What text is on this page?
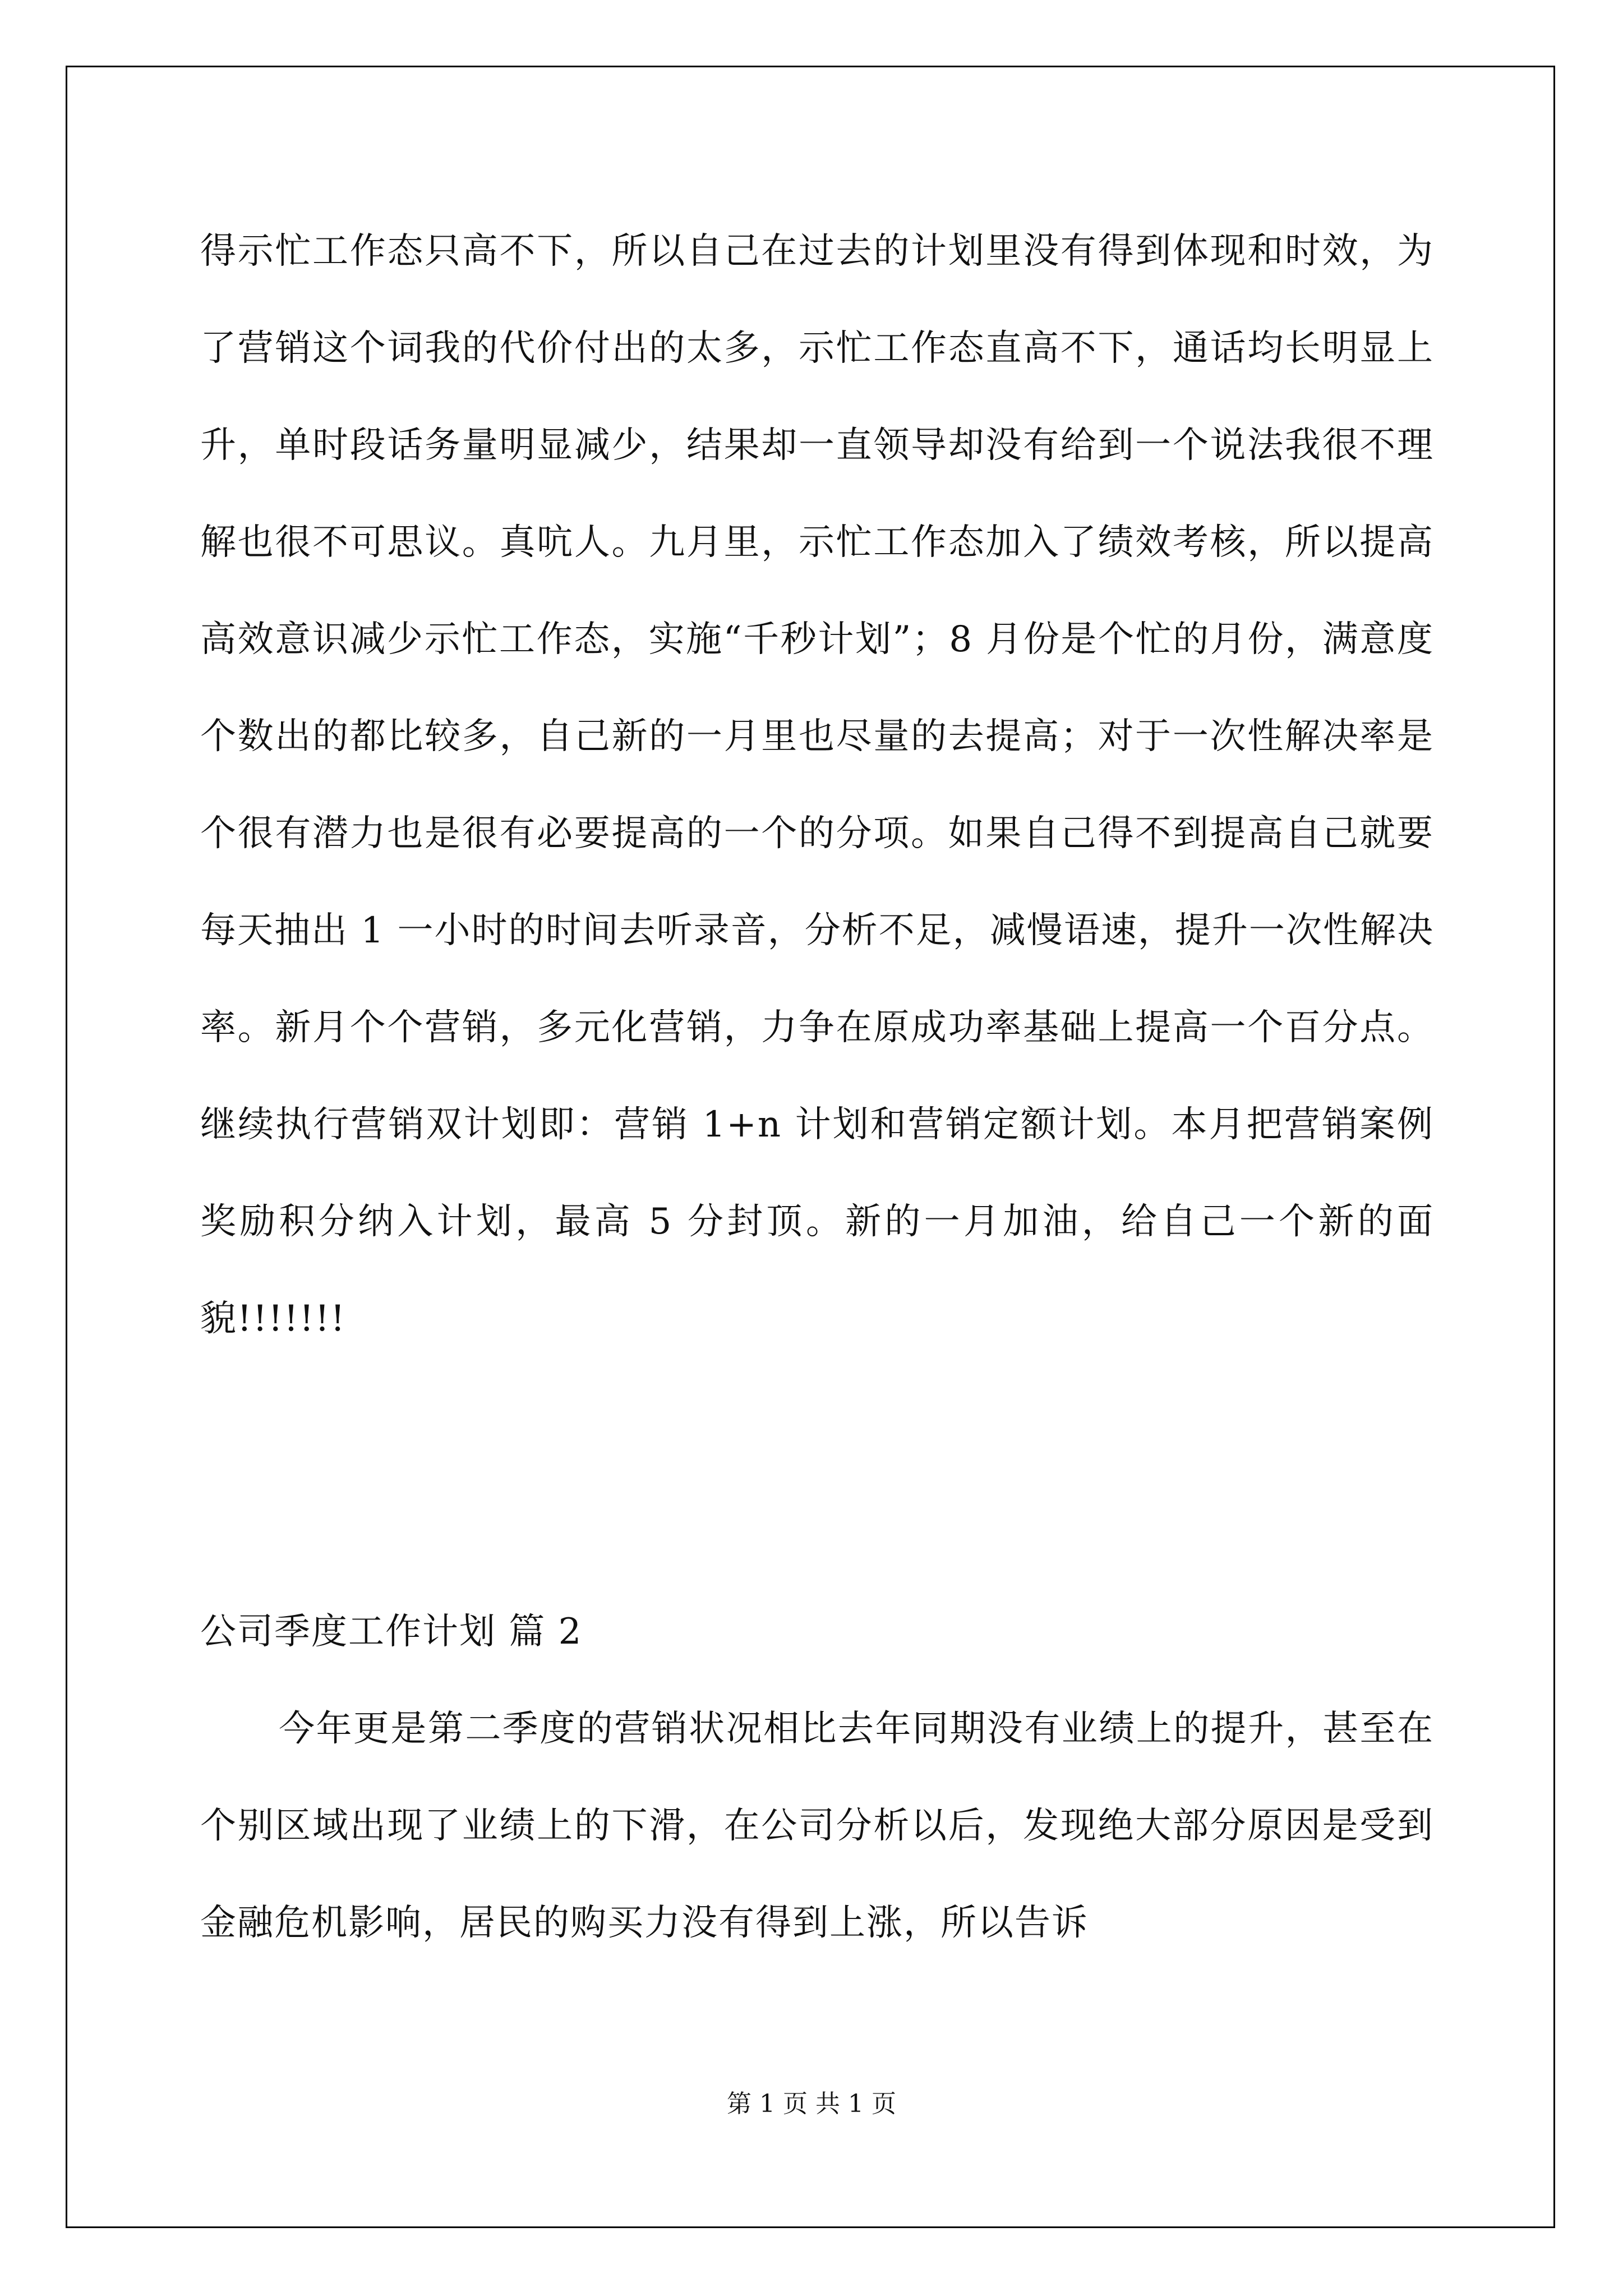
得示忙工作态只高不下，所以自己在过去的计划里没有得到体现和时效，为了营销这个词我的代价付出的太多，示忙工作态直高不下，通话均长明显上升，单时段话务量明显减少，结果却一直领导却没有给到一个说法我很不理解也很不可思议。真吭人。九月里，示忙工作态加入了绩效考核，所以提高高效意识减少示忙工作态，实施“千秒计划”；8 月份是个忙的月份，满意度个数出的都比较多，自己新的一月里也尽量的去提高；对于一次性解决率是个很有潜力也是很有必要提高的一个的分项。如果自己得不到提高自己就要每天抽出 1 一小时的时间去听录音，分析不足，减慢语速，提升一次性解决率。新月个个营销，多元化营销，力争在原成功率基础上提高一个百分点。继续执行营销双计划即：营销 1+n 计划和营销定额计划。本月把营销案例奖励积分纳入计划，最高 5 分封顶。新的一月加油，给自己一个新的面貌!!!!!!!

公司季度工作计划 篇 2

今年更是第二季度的营销状况相比去年同期没有业绩上的提升，甚至在个别区域出现了业绩上的下滑，在公司分析以后，发现绝大部分原因是受到金融危机影响，居民的购买力没有得到上涨，所以告诉

第 1 页 共 1 页
